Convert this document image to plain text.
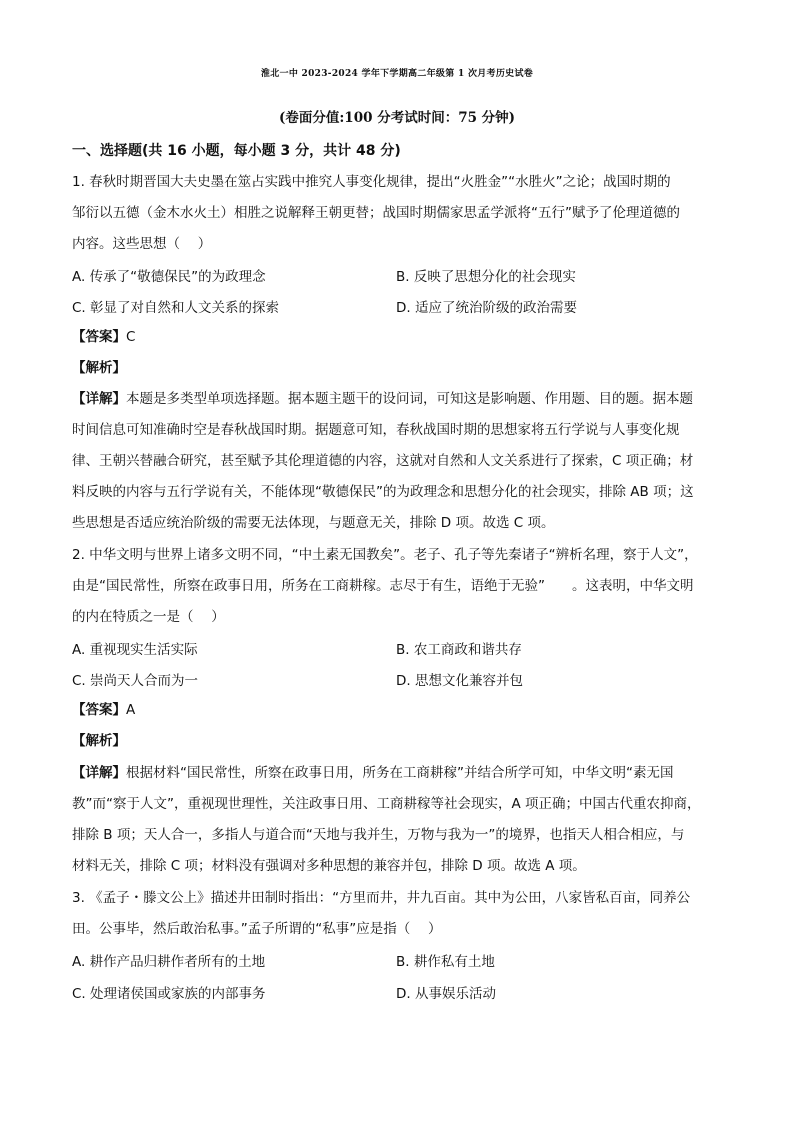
淮北一中 2023-2024 学年下学期高二年级第 1 次月考历史试卷
(卷面分值:100 分考试时间：75 分钟)
一、选择题(共 16 小题，每小题 3 分，共计 48 分)
1. 春秋时期晋国大夫史墨在筮占实践中推究人事变化规律，提出“火胜金”“水胜火”之论；战国时期的
邹衍以五德（金木水火土）相胜之说解释王朝更替；战国时期儒家思孟学派将“五行”赋予了伦理道德的
内容。这些思想（　 ）
A. 传承了“敬德保民”的为政理念	B. 反映了思想分化的社会现实
C. 彰显了对自然和人文关系的探索	D. 适应了统治阶级的政治需要
【答案】C
【解析】
【详解】本题是多类型单项选择题。据本题主题干的设问词，可知这是影响题、作用题、目的题。据本题
时间信息可知准确时空是春秋战国时期。据题意可知，春秋战国时期的思想家将五行学说与人事变化规
律、王朝兴替融合研究，甚至赋予其伦理道德的内容，这就对自然和人文关系进行了探索，C 项正确；材
料反映的内容与五行学说有关，不能体现“敬德保民”的为政理念和思想分化的社会现实，排除 AB 项；这
些思想是否适应统治阶级的需要无法体现，与题意无关，排除 D 项。故选 C 项。
2. 中华文明与世界上诸多文明不同，“中土素无国教矣”。老子、孔子等先秦诸子“辨析名理，察于人文”，
由是“国民常性，所察在政事日用，所务在工商耕稼。志尽于有生，语绝于无验”　　。这表明，中华文明
的内在特质之一是（　 ）
A. 重视现实生活实际	B. 农工商政和谐共存
C. 崇尚天人合而为一	D. 思想文化兼容并包
【答案】A
【解析】
【详解】根据材料“国民常性，所察在政事日用，所务在工商耕稼”并结合所学可知，中华文明“素无国
教”而“察于人文”，重视现世理性，关注政事日用、工商耕稼等社会现实，A 项正确；中国古代重农抑商，
排除 B 项；天人合一，多指人与道合而“天地与我并生，万物与我为一”的境界，也指天人相合相应，与
材料无关，排除 C 项；材料没有强调对多种思想的兼容并包，排除 D 项。故选 A 项。
3. 《孟子・滕文公上》描述井田制时指出：“方里而井，井九百亩。其中为公田，八家皆私百亩，同养公
田。公事毕，然后敢治私事。”孟子所谓的“私事”应是指（　 ）
A. 耕作产品归耕作者所有的土地	B. 耕作私有土地
C. 处理诸侯国或家族的内部事务	D. 从事娱乐活动
